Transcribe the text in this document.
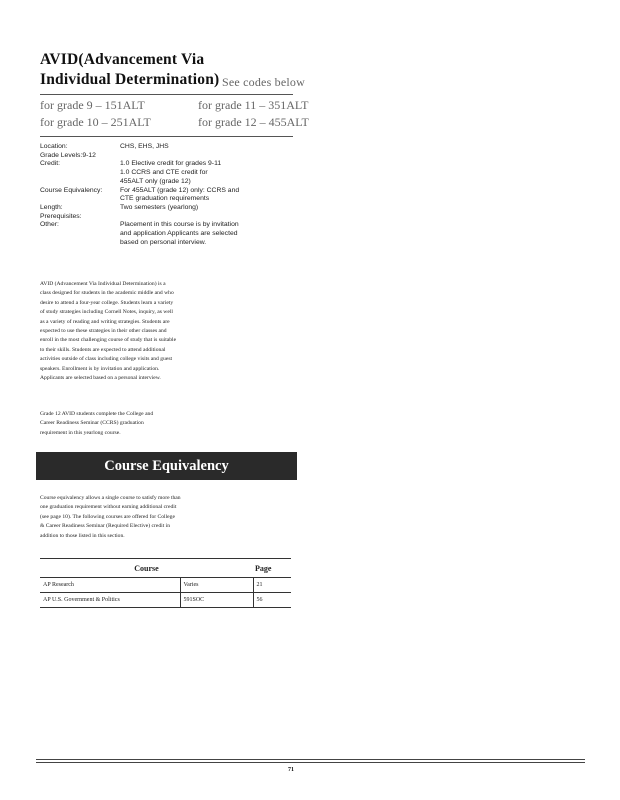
AVID(Advancement Via
Individual Determination) See codes below
for grade 9 – 151ALT	for grade 11 – 351ALT
for grade 10 – 251ALT	for grade 12 – 455ALT
Location:	CHS, EHS, JHS
Grade Levels:9-12
Credit:	1.0 Elective credit for grades 9-11
1.0 CCRS and CTE credit for
455ALT only (grade 12)
Course Equivalency:	For 455ALT (grade 12) only: CCRS and
CTE graduation requirements
Length:	Two semesters (yearlong)
Prerequisites:
Other:	Placement in this course is by invitation
and application Applicants are selected
based on personal interview.
AVID (Advancement Via Individual Determination) is a
class designed for students in the academic middle and who
desire to attend a four-year college. Students learn a variety
of study strategies including Cornell Notes, inquiry, as well
as a variety of reading and writing strategies. Students are
expected to use these strategies in their other classes and
enroll in the most challenging course of study that is suitable
to their skills. Students are expected to attend additional
activities outside of class including college visits and guest
speakers. Enrollment is by invitation and application.
Applicants are selected based on a personal interview.
Grade 12 AVID students complete the College and
Career Readiness Seminar (CCRS) graduation
requirement in this yearlong course.
Course Equivalency
Course equivalency allows a single course to satisfy more than
one graduation requirement without earning additional credit
(see page 10). The following courses are offered for College
& Career Readiness Seminar (Required Elective) credit in
addition to those listed in this section.
Course		Page
AP Research	Varies	21
AP U.S. Government & Politics	591SOC	56
71
